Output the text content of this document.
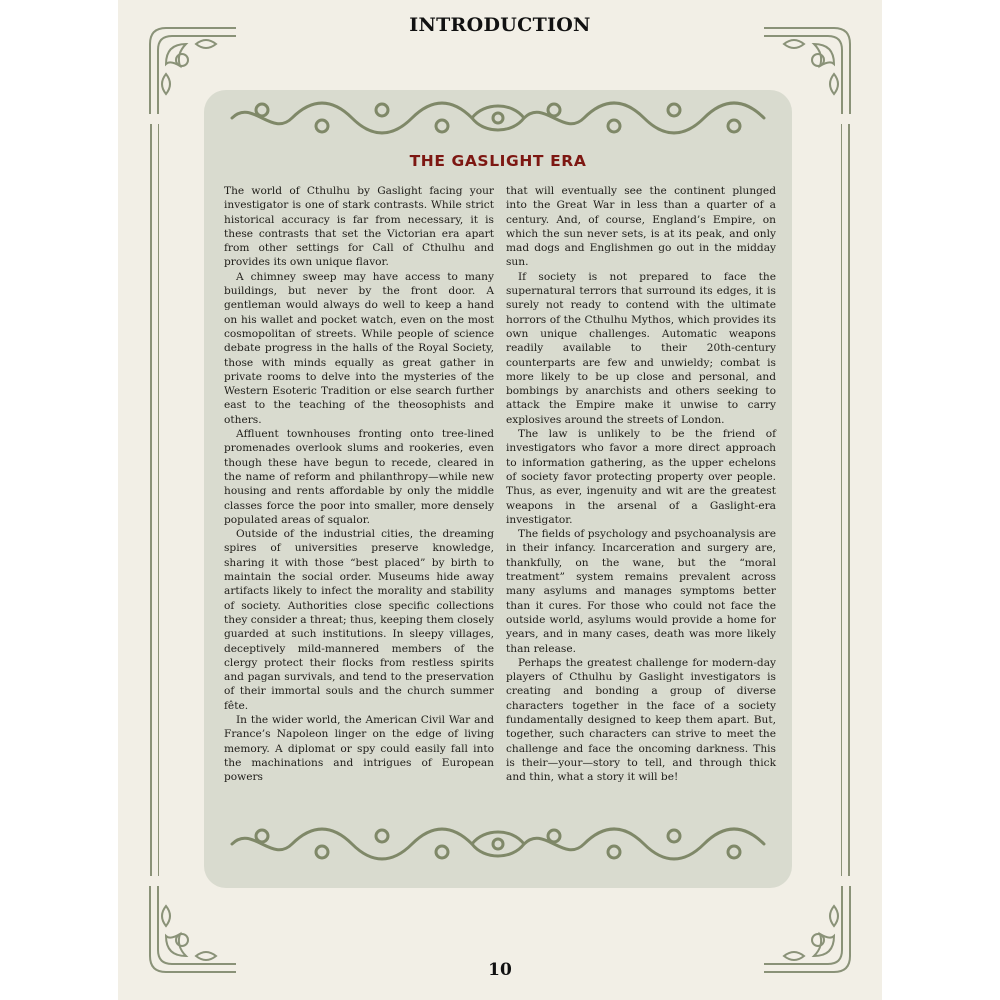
INTRODUCTION
THE GASLIGHT ERA

The world of Cthulhu by Gaslight facing your investigator is one of stark contrasts. While strict historical accuracy is far from necessary, it is these contrasts that set the Victorian era apart from other settings for Call of Cthulhu and provides its own unique flavor.

A chimney sweep may have access to many buildings, but never by the front door. A gentleman would always do well to keep a hand on his wallet and pocket watch, even on the most cosmopolitan of streets. While people of science debate progress in the halls of the Royal Society, those with minds equally as great gather in private rooms to delve into the mysteries of the Western Esoteric Tradition or else search further east to the teaching of the theosophists and others.

Affluent townhouses fronting onto tree-lined promenades overlook slums and rookeries, even though these have begun to recede, cleared in the name of reform and philanthropy—while new housing and rents affordable by only the middle classes force the poor into smaller, more densely populated areas of squalor.

Outside of the industrial cities, the dreaming spires of universities preserve knowledge, sharing it with those “best placed” by birth to maintain the social order. Museums hide away artifacts likely to infect the morality and stability of society. Authorities close specific collections they consider a threat; thus, keeping them closely guarded at such institutions. In sleepy villages, deceptively mild-mannered members of the clergy protect their flocks from restless spirits and pagan survivals, and tend to the preservation of their immortal souls and the church summer fête.

In the wider world, the American Civil War and France’s Napoleon linger on the edge of living memory. A diplomat or spy could easily fall into the machinations and intrigues of European powers

that will eventually see the continent plunged into the Great War in less than a quarter of a century. And, of course, England’s Empire, on which the sun never sets, is at its peak, and only mad dogs and Englishmen go out in the midday sun.

If society is not prepared to face the supernatural terrors that surround its edges, it is surely not ready to contend with the ultimate horrors of the Cthulhu Mythos, which provides its own unique challenges. Automatic weapons readily available to their 20th-century counterparts are few and unwieldy; combat is more likely to be up close and personal, and bombings by anarchists and others seeking to attack the Empire make it unwise to carry explosives around the streets of London.

The law is unlikely to be the friend of investigators who favor a more direct approach to information gathering, as the upper echelons of society favor protecting property over people. Thus, as ever, ingenuity and wit are the greatest weapons in the arsenal of a Gaslight-era investigator.

The fields of psychology and psychoanalysis are in their infancy. Incarceration and surgery are, thankfully, on the wane, but the “moral treatment” system remains prevalent across many asylums and manages symptoms better than it cures. For those who could not face the outside world, asylums would provide a home for years, and in many cases, death was more likely than release.

Perhaps the greatest challenge for modern-day players of Cthulhu by Gaslight investigators is creating and bonding a group of diverse characters together in the face of a society fundamentally designed to keep them apart. But, together, such characters can strive to meet the challenge and face the oncoming darkness. This is their—your—story to tell, and through thick and thin, what a story it will be!

10
